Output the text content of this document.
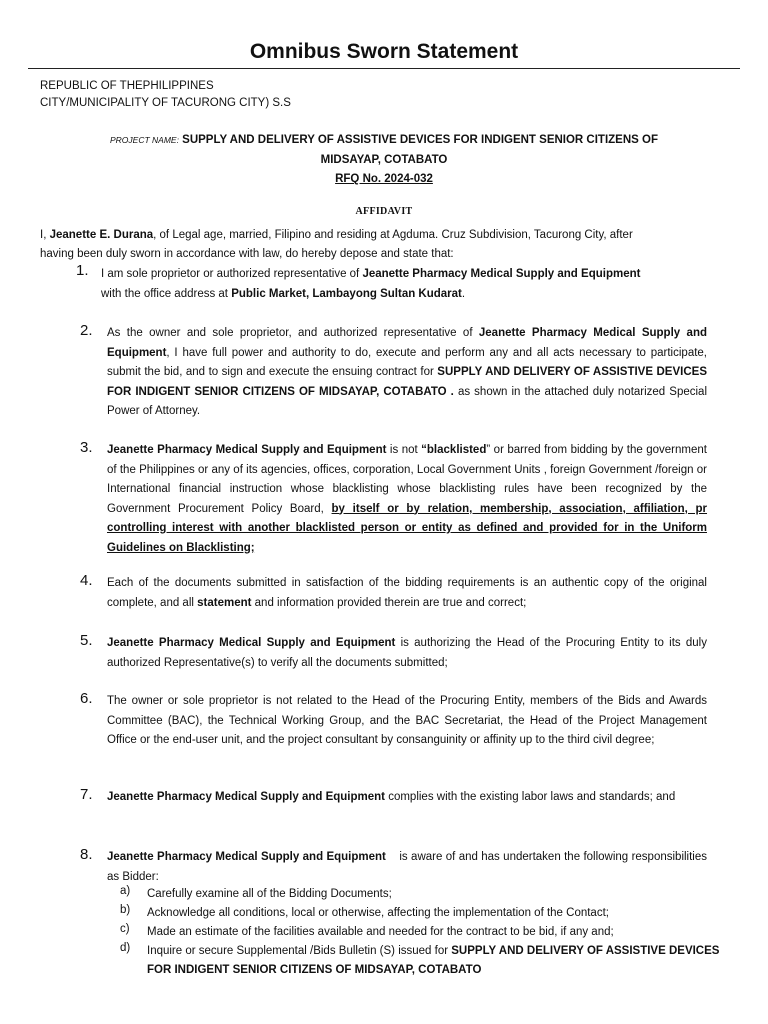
Omnibus Sworn Statement
REPUBLIC OF THEPHILIPPINES
CITY/MUNICIPALITY OF TACURONG CITY) S.S
PROJECT NAME: SUPPLY AND DELIVERY OF ASSISTIVE DEVICES FOR INDIGENT SENIOR CITIZENS OF
MIDSAYAP, COTABATO
RFQ No. 2024-032
AFFIDAVIT
I, Jeanette E. Durana, of Legal age, married, Filipino and residing at Agduma. Cruz Subdivision, Tacurong City, after
having been duly sworn in accordance with law, do hereby depose and state that:
1. I am sole proprietor or authorized representative of Jeanette Pharmacy Medical Supply and Equipment
with the office address at Public Market, Lambayong Sultan Kudarat.
2. As the owner and sole proprietor, and authorized representative of Jeanette Pharmacy Medical Supply and Equipment, I have full power and authority to do, execute and perform any and all acts necessary to participate, submit the bid, and to sign and execute the ensuing contract for SUPPLY AND DELIVERY OF ASSISTIVE DEVICES FOR INDIGENT SENIOR CITIZENS OF MIDSAYAP, COTABATO . as shown in the attached duly notarized Special Power of Attorney.
3. Jeanette Pharmacy Medical Supply and Equipment is not “blacklisted” or barred from bidding by the government of the Philippines or any of its agencies, offices, corporation, Local Government Units , foreign Government /foreign or International financial instruction whose blacklisting whose blacklisting rules have been recognized by the Government Procurement Policy Board, by itself or by relation, membership, association, affiliation, pr controlling interest with another blacklisted person or entity as defined and provided for in the Uniform Guidelines on Blacklisting;
4. Each of the documents submitted in satisfaction of the bidding requirements is an authentic copy of the original complete, and all statement and information provided therein are true and correct;
5. Jeanette Pharmacy Medical Supply and Equipment is authorizing the Head of the Procuring Entity to its duly authorized Representative(s) to verify all the documents submitted;
6. The owner or sole proprietor is not related to the Head of the Procuring Entity, members of the Bids and Awards Committee (BAC), the Technical Working Group, and the BAC Secretariat, the Head of the Project Management Office or the end-user unit, and the project consultant by consanguinity or affinity up to the third civil degree;
7. Jeanette Pharmacy Medical Supply and Equipment complies with the existing labor laws and standards; and
8. Jeanette Pharmacy Medical Supply and Equipment    is aware of and has undertaken the following responsibilities as Bidder:
a) Carefully examine all of the Bidding Documents;
b) Acknowledge all conditions, local or otherwise, affecting the implementation of the Contact;
c) Made an estimate of the facilities available and needed for the contract to be bid, if any and;
d) Inquire or secure Supplemental /Bids Bulletin (S) issued for SUPPLY AND DELIVERY OF ASSISTIVE DEVICES FOR INDIGENT SENIOR CITIZENS OF MIDSAYAP, COTABATO
